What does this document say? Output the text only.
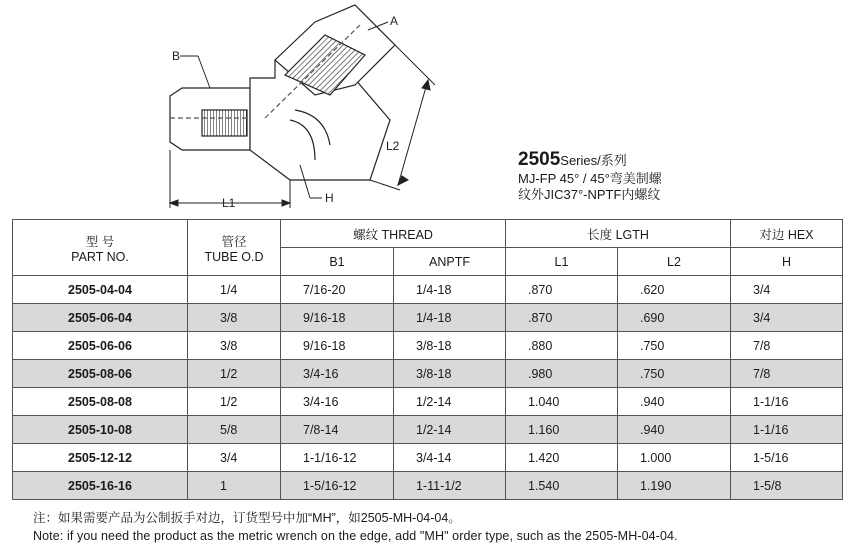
B
A
H
L1
L2
2505Series/系列
MJ-FP 45° / 45°弯美制螺
纹外JIC37°-NPTF内螺纹
型 号
PART NO.	管径
TUBE O.D	螺纹 THREAD		长度 LGTH		对边 HEX
		B1	ANPTF	L1	L2	H
2505-04-04	1/4	7/16-20	1/4-18	.870	.620	3/4
2505-06-04	3/8	9/16-18	1/4-18	.870	.690	3/4
2505-06-06	3/8	9/16-18	3/8-18	.880	.750	7/8
2505-08-06	1/2	3/4-16	3/8-18	.980	.750	7/8
2505-08-08	1/2	3/4-16	1/2-14	1.040	.940	1-1/16
2505-10-08	5/8	7/8-14	1/2-14	1.160	.940	1-1/16
2505-12-12	3/4	1-1/16-12	3/4-14	1.420	1.000	1-5/16
2505-16-16	1	1-5/16-12	1-11-1/2	1.540	1.190	1-5/8
注：如果需要产品为公制扳手对边，订货型号中加“MH”，如2505-MH-04-04。
Note: if you need the product as the metric wrench on the edge, add "MH" order type, such as the 2505-MH-04-04.
